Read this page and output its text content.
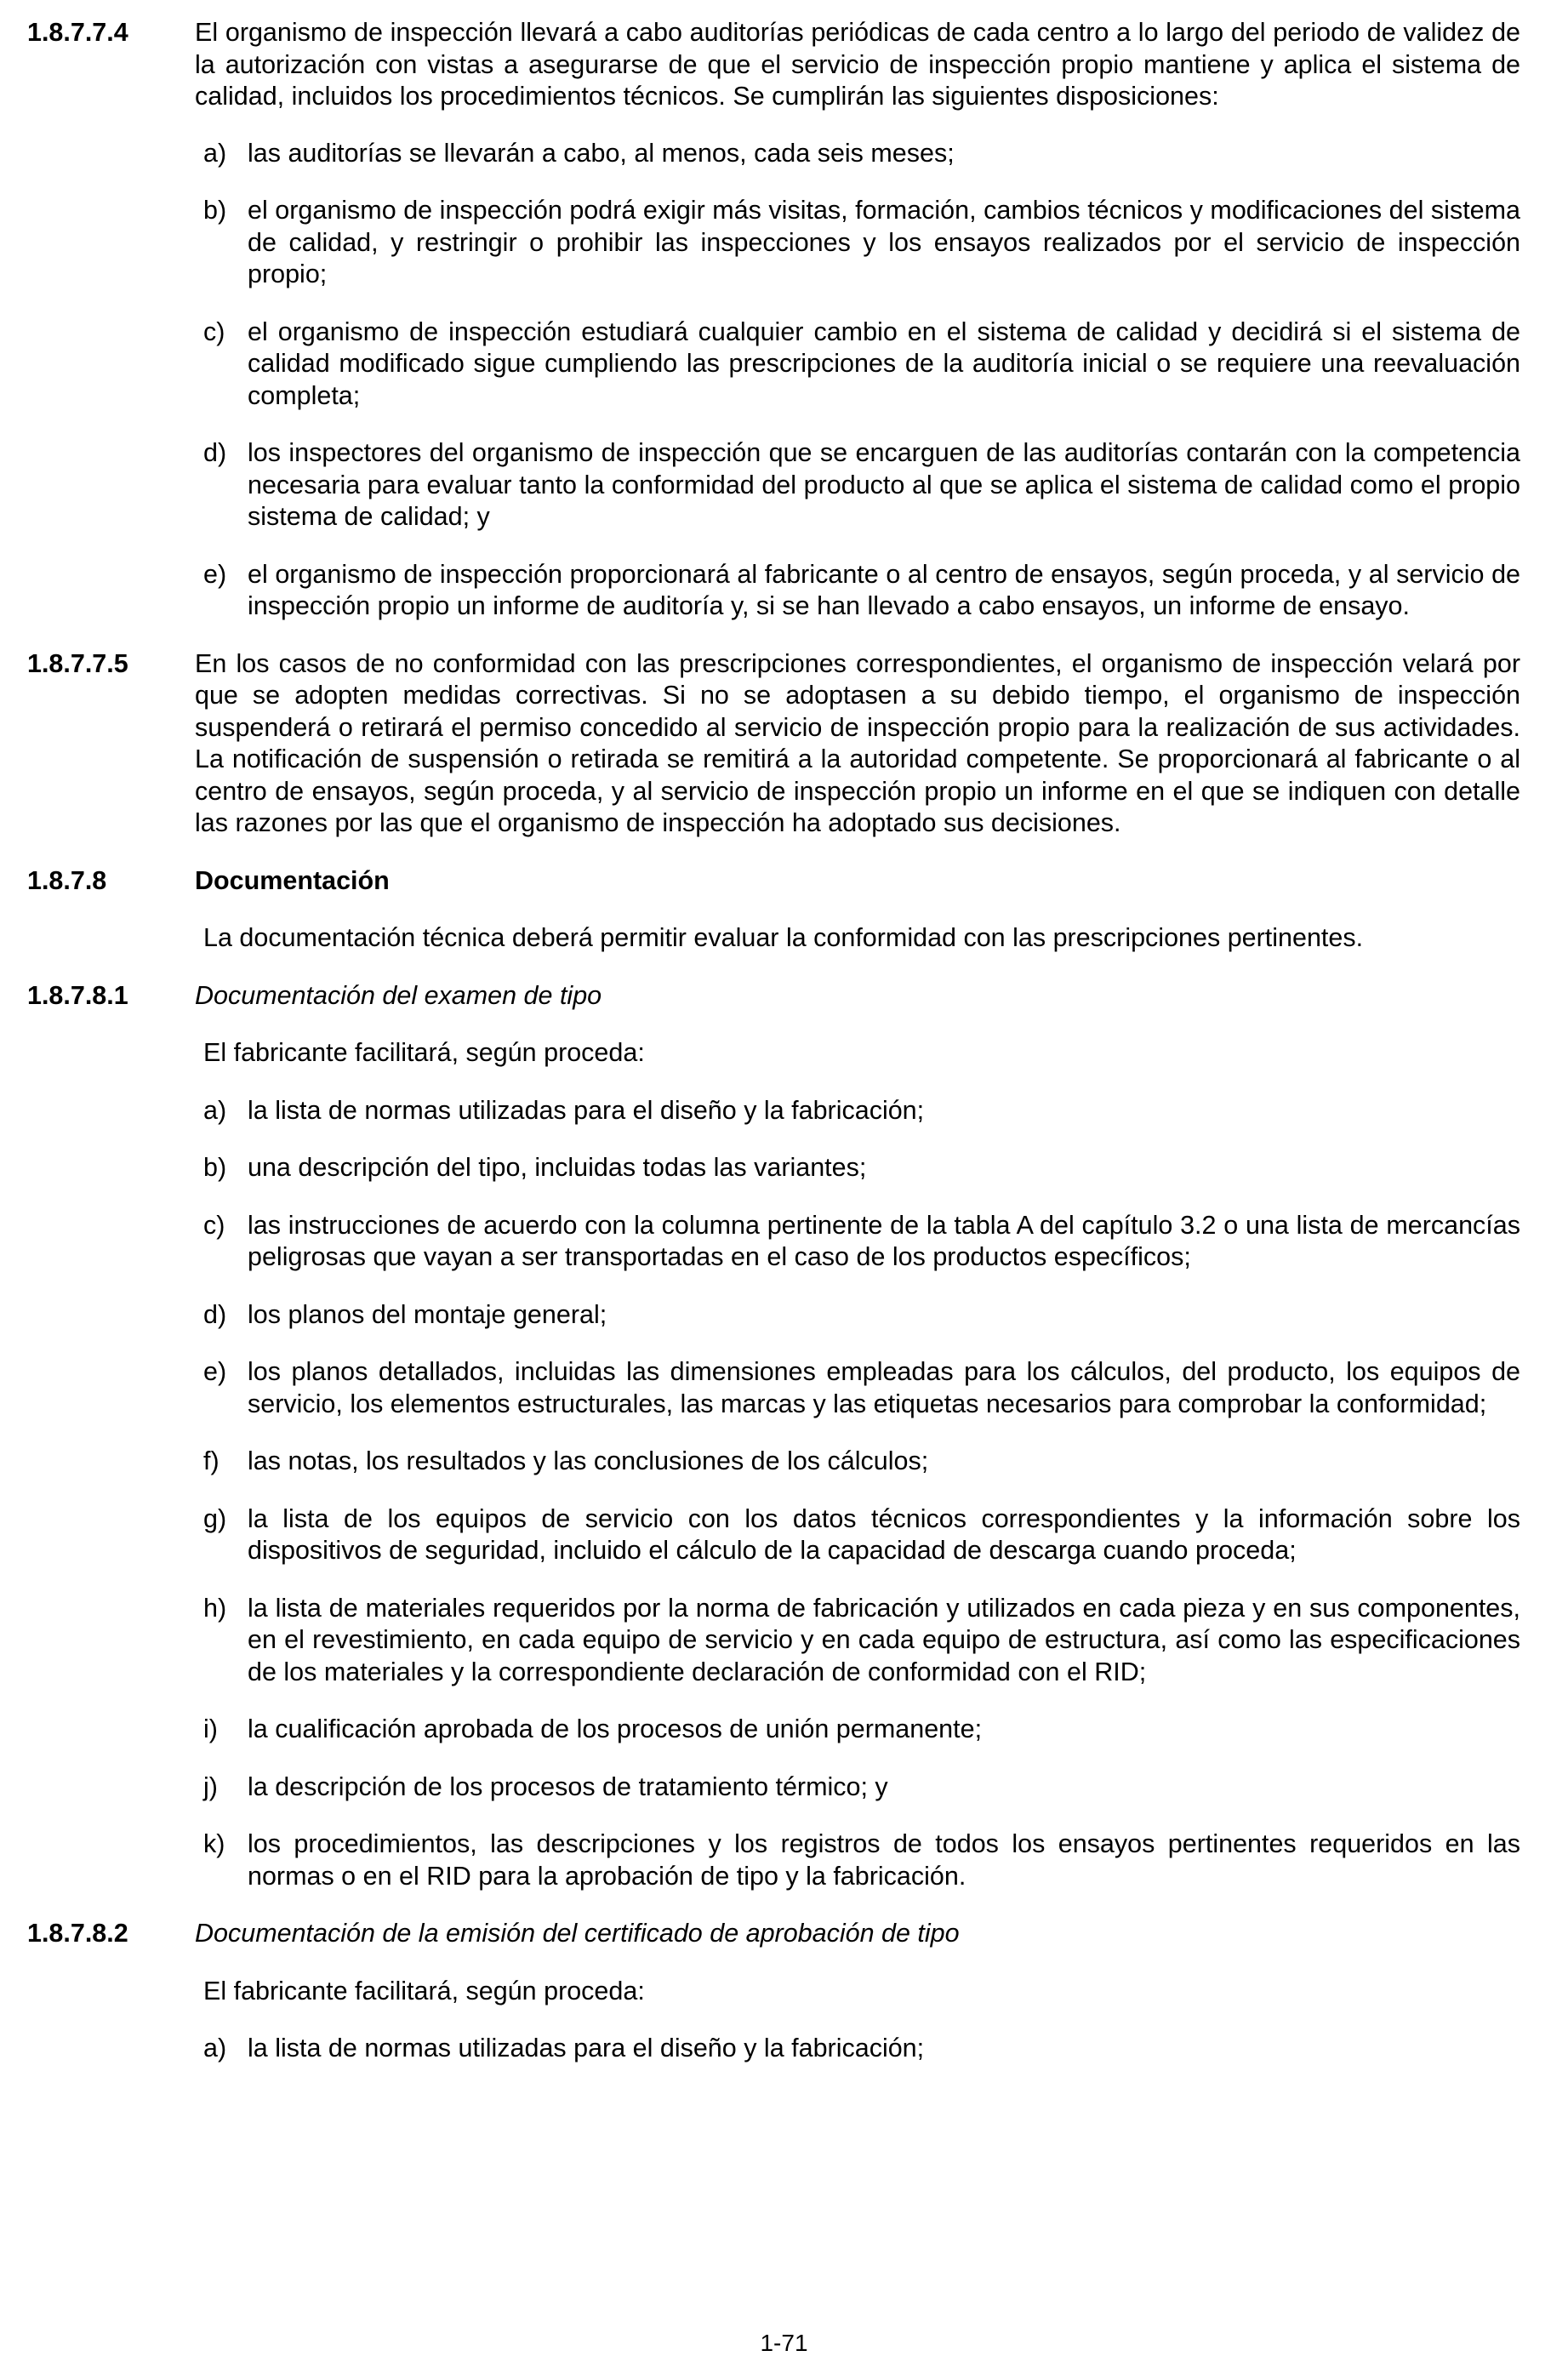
1.8.7.7.4	El organismo de inspección llevará a cabo auditorías periódicas de cada centro a lo largo del periodo de validez de la autorización con vistas a asegurarse de que el servicio de inspección propio mantiene y aplica el sistema de calidad, incluidos los procedimientos técnicos. Se cumplirán las siguientes disposiciones:
a) las auditorías se llevarán a cabo, al menos, cada seis meses;
b) el organismo de inspección podrá exigir más visitas, formación, cambios técnicos y modificaciones del sistema de calidad, y restringir o prohibir las inspecciones y los ensayos realizados por el servicio de inspección propio;
c) el organismo de inspección estudiará cualquier cambio en el sistema de calidad y decidirá si el sistema de calidad modificado sigue cumpliendo las prescripciones de la auditoría inicial o se requiere una reevaluación completa;
d) los inspectores del organismo de inspección que se encarguen de las auditorías contarán con la competencia necesaria para evaluar tanto la conformidad del producto al que se aplica el sistema de calidad como el propio sistema de calidad; y
e) el organismo de inspección proporcionará al fabricante o al centro de ensayos, según proceda, y al servicio de inspección propio un informe de auditoría y, si se han llevado a cabo ensayos, un informe de ensayo.
1.8.7.7.5	En los casos de no conformidad con las prescripciones correspondientes, el organismo de inspección velará por que se adopten medidas correctivas. Si no se adoptasen a su debido tiempo, el organismo de inspección suspenderá o retirará el permiso concedido al servicio de inspección propio para la realización de sus actividades. La notificación de suspensión o retirada se remitirá a la autoridad competente. Se proporcionará al fabricante o al centro de ensayos, según proceda, y al servicio de inspección propio un informe en el que se indiquen con detalle las razones por las que el organismo de inspección ha adoptado sus decisiones.
1.8.7.8	Documentación
La documentación técnica deberá permitir evaluar la conformidad con las prescripciones pertinentes.
1.8.7.8.1	Documentación del examen de tipo
El fabricante facilitará, según proceda:
a) la lista de normas utilizadas para el diseño y la fabricación;
b) una descripción del tipo, incluidas todas las variantes;
c) las instrucciones de acuerdo con la columna pertinente de la tabla A del capítulo 3.2 o una lista de mercancías peligrosas que vayan a ser transportadas en el caso de los productos específicos;
d) los planos del montaje general;
e) los planos detallados, incluidas las dimensiones empleadas para los cálculos, del producto, los equipos de servicio, los elementos estructurales, las marcas y las etiquetas necesarios para comprobar la conformidad;
f)	las notas, los resultados y las conclusiones de los cálculos;
g) la lista de los equipos de servicio con los datos técnicos correspondientes y la información sobre los dispositivos de seguridad, incluido el cálculo de la capacidad de descarga cuando proceda;
h) la lista de materiales requeridos por la norma de fabricación y utilizados en cada pieza y en sus componentes, en el revestimiento, en cada equipo de servicio y en cada equipo de estructura, así como las especificaciones de los materiales y la correspondiente declaración de conformidad con el RID;
i)	la cualificación aprobada de los procesos de unión permanente;
j)	la descripción de los procesos de tratamiento térmico; y
k) los procedimientos, las descripciones y los registros de todos los ensayos pertinentes requeridos en las normas o en el RID para la aprobación de tipo y la fabricación.
1.8.7.8.2	Documentación de la emisión del certificado de aprobación de tipo
El fabricante facilitará, según proceda:
a) la lista de normas utilizadas para el diseño y la fabricación;
1-71
